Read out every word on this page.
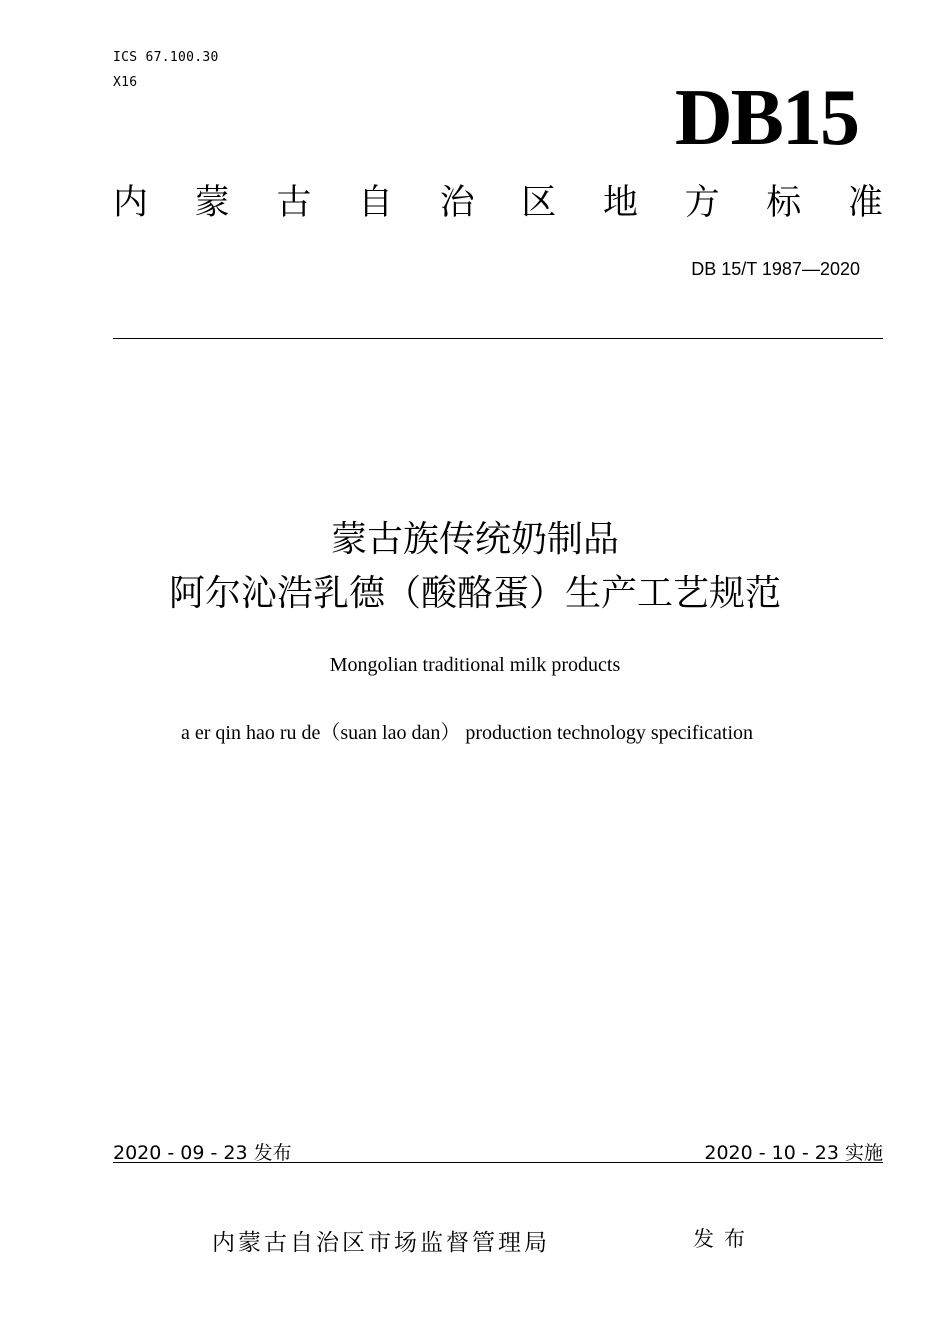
ICS 67.100.30
X16	DB15
内 蒙 古 自 治 区 地 方 标 准
DB 15/T 1987—2020
蒙古族传统奶制品
阿尔沁浩乳德（酸酪蛋）生产工艺规范
Mongolian traditional milk products
a er qin hao ru de（suan lao dan） production technology specification
2020 - 09 - 23 发布	2020 - 10 - 23 实施
内蒙古自治区市场监督管理局	发布
